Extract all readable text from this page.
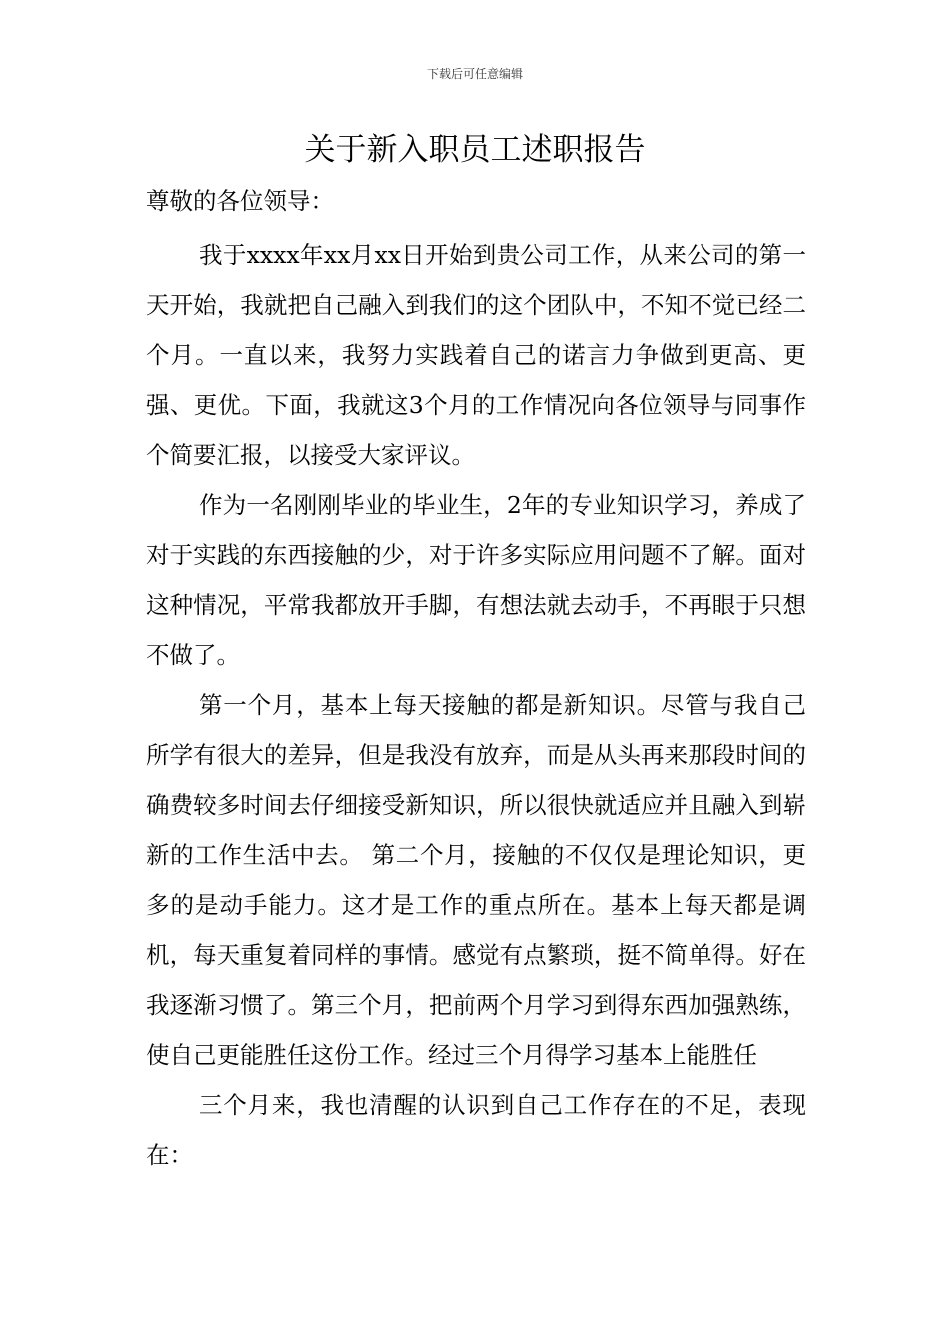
下载后可任意编辑
关于新入职员工述职报告

尊敬的各位领导：

我于xxxx年xx月xx日开始到贵公司工作，从来公司的第一天开始，我就把自己融入到我们的这个团队中，不知不觉已经二个月。一直以来，我努力实践着自己的诺言力争做到更高、更强、更优。下面，我就这3个月的工作情况向各位领导与同事作个简要汇报，以接受大家评议。

作为一名刚刚毕业的毕业生，2年的专业知识学习，养成了对于实践的东西接触的少，对于许多实际应用问题不了解。面对这种情况，平常我都放开手脚，有想法就去动手，不再眼于只想不做了。

第一个月，基本上每天接触的都是新知识。尽管与我自己所学有很大的差异，但是我没有放弃，而是从头再来那段时间的确费较多时间去仔细接受新知识，所以很快就适应并且融入到崭新的工作生活中去。 第二个月，接触的不仅仅是理论知识，更多的是动手能力。这才是工作的重点所在。基本上每天都是调机，每天重复着同样的事情。感觉有点繁琐，挺不简单得。好在我逐渐习惯了。第三个月，把前两个月学习到得东西加强熟练，使自己更能胜任这份工作。经过三个月得学习基本上能胜任

三个月来，我也清醒的认识到自己工作存在的不足，表现在：
